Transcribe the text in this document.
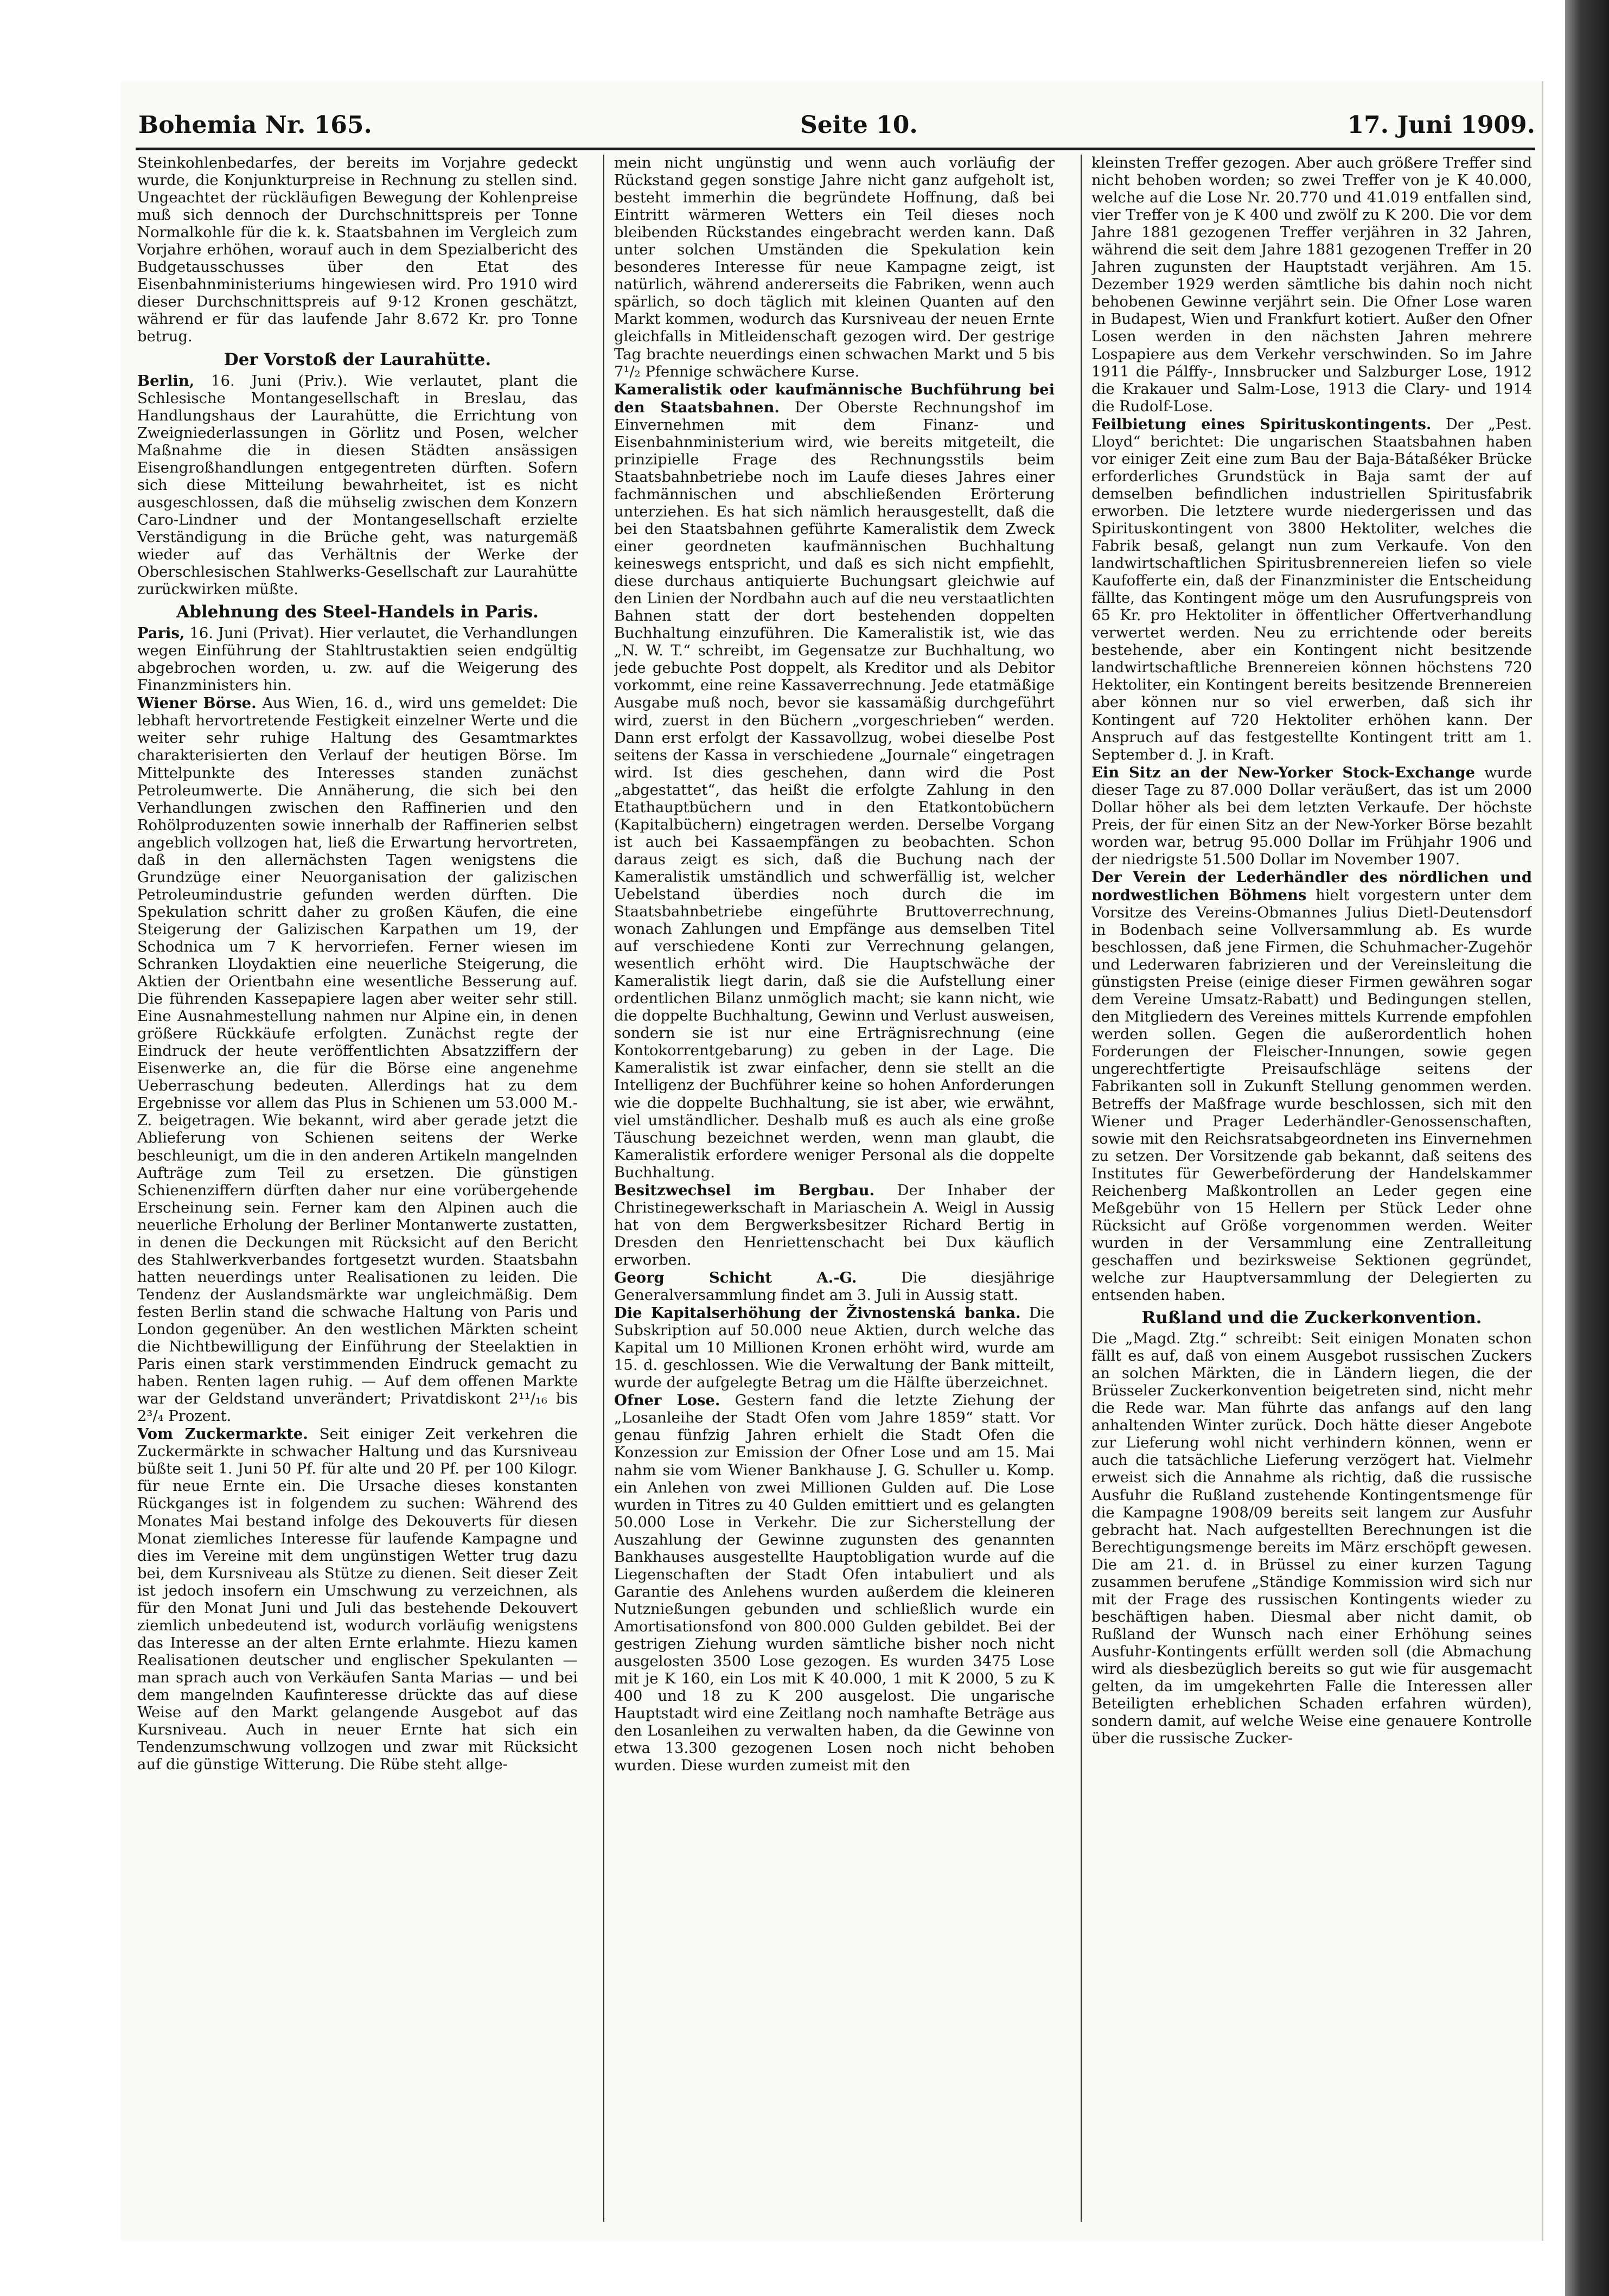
Bohemia Nr. 165.	Seite 10.	17. Juni 1909.

Steinkohlenbedarfes, der bereits im Vorjahre gedeckt wurde, die Konjunkturpreise in Rechnung zu stellen sind. Ungeachtet der rückläufigen Bewegung der Kohlenpreise muß sich dennoch der Durchschnittspreis per Tonne Normalkohle für die k. k. Staatsbahnen im Vergleich zum Vorjahre erhöhen, worauf auch in dem Spezialbericht des Budgetausschusses über den Etat des Eisenbahnministeriums hingewiesen wird. Pro 1910 wird dieser Durchschnittspreis auf 9·12 Kronen geschätzt, während er für das laufende Jahr 8.672 Kr. pro Tonne betrug.

Der Vorstoß der Laurahütte.

Berlin, 16. Juni (Priv.). Wie verlautet, plant die Schlesische Montangesellschaft in Breslau, das Handlungshaus der Laurahütte, die Errichtung von Zweigniederlassungen in Görlitz und Posen, welcher Maßnahme die in diesen Städten ansässigen Eisengroßhandlungen entgegentreten dürften. Sofern sich diese Mitteilung bewahrheitet, ist es nicht ausgeschlossen, daß die mühselig zwischen dem Konzern Caro-Lindner und der Montangesellschaft erzielte Verständigung in die Brüche geht, was naturgemäß wieder auf das Verhältnis der Werke der Oberschlesischen Stahlwerks-Gesellschaft zur Laurahütte zurückwirken müßte.

Ablehnung des Steel-Handels in Paris.

Paris, 16. Juni (Privat). Hier verlautet, die Verhandlungen wegen Einführung der Stahltrustaktien seien endgültig abgebrochen worden, u. zw. auf die Weigerung des Finanzministers hin.

Wiener Börse. Aus Wien, 16. d., wird uns gemeldet: Die lebhaft hervortretende Festigkeit einzelner Werte und die weiter sehr ruhige Haltung des Gesamtmarktes charakterisierten den Verlauf der heutigen Börse. Im Mittelpunkte des Interesses standen zunächst Petroleumwerte. Die Annäherung, die sich bei den Verhandlungen zwischen den Raffinerien und den Rohölproduzenten sowie innerhalb der Raffinerien selbst angeblich vollzogen hat, ließ die Erwartung hervortreten, daß in den allernächsten Tagen wenigstens die Grundzüge einer Neuorganisation der galizischen Petroleumindustrie gefunden werden dürften. Die Spekulation schritt daher zu großen Käufen, die eine Steigerung der Galizischen Karpathen um 19, der Schodnica um 7 K hervorriefen. Ferner wiesen im Schranken Lloydaktien eine neuerliche Steigerung, die Aktien der Orientbahn eine wesentliche Besserung auf. Die führenden Kassepapiere lagen aber weiter sehr still. Eine Ausnahmestellung nahmen nur Alpine ein, in denen größere Rückkäufe erfolgten. Zunächst regte der Eindruck der heute veröffentlichten Absatzziffern der Eisenwerke an, die für die Börse eine angenehme Ueberraschung bedeuten. Allerdings hat zu dem Ergebnisse vor allem das Plus in Schienen um 53.000 M.-Z. beigetragen. Wie bekannt, wird aber gerade jetzt die Ablieferung von Schienen seitens der Werke beschleunigt, um die in den anderen Artikeln mangelnden Aufträge zum Teil zu ersetzen. Die günstigen Schienenziffern dürften daher nur eine vorübergehende Erscheinung sein. Ferner kam den Alpinen auch die neuerliche Erholung der Berliner Montanwerte zustatten, in denen die Deckungen mit Rücksicht auf den Bericht des Stahlwerkverbandes fortgesetzt wurden. Staatsbahn hatten neuerdings unter Realisationen zu leiden. Die Tendenz der Auslandsmärkte war ungleichmäßig. Dem festen Berlin stand die schwache Haltung von Paris und London gegenüber. An den westlichen Märkten scheint die Nichtbewilligung der Einführung der Steelaktien in Paris einen stark verstimmenden Eindruck gemacht zu haben. Renten lagen ruhig. — Auf dem offenen Markte war der Geldstand unverändert; Privatdiskont 2¹¹/₁₆ bis 2³/₄ Prozent.

Vom Zuckermarkte. Seit einiger Zeit verkehren die Zuckermärkte in schwacher Haltung und das Kursniveau büßte seit 1. Juni 50 Pf. für alte und 20 Pf. per 100 Kilogr. für neue Ernte ein. Die Ursache dieses konstanten Rückganges ist in folgendem zu suchen: Während des Monates Mai bestand infolge des Dekouverts für diesen Monat ziemliches Interesse für laufende Kampagne und dies im Vereine mit dem ungünstigen Wetter trug dazu bei, dem Kursniveau als Stütze zu dienen. Seit dieser Zeit ist jedoch insofern ein Umschwung zu verzeichnen, als für den Monat Juni und Juli das bestehende Dekouvert ziemlich unbedeutend ist, wodurch vorläufig wenigstens das Interesse an der alten Ernte erlahmte. Hiezu kamen Realisationen deutscher und englischer Spekulanten — man sprach auch von Verkäufen Santa Marias — und bei dem mangelnden Kaufinteresse drückte das auf diese Weise auf den Markt gelangende Ausgebot auf das Kursniveau. Auch in neuer Ernte hat sich ein Tendenzumschwung vollzogen und zwar mit Rücksicht auf die günstige Witterung. Die Rübe steht allge-

mein nicht ungünstig und wenn auch vorläufig der Rückstand gegen sonstige Jahre nicht ganz aufgeholt ist, besteht immerhin die begründete Hoffnung, daß bei Eintritt wärmeren Wetters ein Teil dieses noch bleibenden Rückstandes eingebracht werden kann. Daß unter solchen Umständen die Spekulation kein besonderes Interesse für neue Kampagne zeigt, ist natürlich, während andererseits die Fabriken, wenn auch spärlich, so doch täglich mit kleinen Quanten auf den Markt kommen, wodurch das Kursniveau der neuen Ernte gleichfalls in Mitleidenschaft gezogen wird. Der gestrige Tag brachte neuerdings einen schwachen Markt und 5 bis 7¹/₂ Pfennige schwächere Kurse.

Kameralistik oder kaufmännische Buchführung bei den Staatsbahnen. Der Oberste Rechnungshof im Einvernehmen mit dem Finanz- und Eisenbahnministerium wird, wie bereits mitgeteilt, die prinzipielle Frage des Rechnungsstils beim Staatsbahnbetriebe noch im Laufe dieses Jahres einer fachmännischen und abschließenden Erörterung unterziehen. Es hat sich nämlich herausgestellt, daß die bei den Staatsbahnen geführte Kameralistik dem Zweck einer geordneten kaufmännischen Buchhaltung keineswegs entspricht, und daß es sich nicht empfiehlt, diese durchaus antiquierte Buchungsart gleichwie auf den Linien der Nordbahn auch auf die neu verstaatlichten Bahnen statt der dort bestehenden doppelten Buchhaltung einzuführen. Die Kameralistik ist, wie das „N. W. T.“ schreibt, im Gegensatze zur Buchhaltung, wo jede gebuchte Post doppelt, als Kreditor und als Debitor vorkommt, eine reine Kassaverrechnung. Jede etatmäßige Ausgabe muß noch, bevor sie kassamäßig durchgeführt wird, zuerst in den Büchern „vorgeschrieben“ werden. Dann erst erfolgt der Kassavollzug, wobei dieselbe Post seitens der Kassa in verschiedene „Journale“ eingetragen wird. Ist dies geschehen, dann wird die Post „abgestattet“, das heißt die erfolgte Zahlung in den Etathauptbüchern und in den Etatkontobüchern (Kapitalbüchern) eingetragen werden. Derselbe Vorgang ist auch bei Kassaempfängen zu beobachten. Schon daraus zeigt es sich, daß die Buchung nach der Kameralistik umständlich und schwerfällig ist, welcher Uebelstand überdies noch durch die im Staatsbahnbetriebe eingeführte Bruttoverrechnung, wonach Zahlungen und Empfänge aus demselben Titel auf verschiedene Konti zur Verrechnung gelangen, wesentlich erhöht wird. Die Hauptschwäche der Kameralistik liegt darin, daß sie die Aufstellung einer ordentlichen Bilanz unmöglich macht; sie kann nicht, wie die doppelte Buchhaltung, Gewinn und Verlust ausweisen, sondern sie ist nur eine Erträgnisrechnung (eine Kontokorrentgebarung) zu geben in der Lage. Die Kameralistik ist zwar einfacher, denn sie stellt an die Intelligenz der Buchführer keine so hohen Anforderungen wie die doppelte Buchhaltung, sie ist aber, wie erwähnt, viel umständlicher. Deshalb muß es auch als eine große Täuschung bezeichnet werden, wenn man glaubt, die Kameralistik erfordere weniger Personal als die doppelte Buchhaltung.

Besitzwechsel im Bergbau. Der Inhaber der Christinegewerkschaft in Mariaschein A. Weigl in Aussig hat von dem Bergwerksbesitzer Richard Bertig in Dresden den Henriettenschacht bei Dux käuflich erworben.

Georg Schicht A.-G.	Die diesjährige Generalversammlung findet am 3. Juli in Aussig statt.

Die Kapitalserhöhung der Živnostenská banka. Die Subskription auf 50.000 neue Aktien, durch welche das Kapital um 10 Millionen Kronen erhöht wird, wurde am 15. d. geschlossen. Wie die Verwaltung der Bank mitteilt, wurde der aufgelegte Betrag um die Hälfte überzeichnet.

Ofner Lose. Gestern fand die letzte Ziehung der „Losanleihe der Stadt Ofen vom Jahre 1859“ statt. Vor genau fünfzig Jahren erhielt die Stadt Ofen die Konzession zur Emission der Ofner Lose und am 15. Mai nahm sie vom Wiener Bankhause J. G. Schuller u. Komp. ein Anlehen von zwei Millionen Gulden auf. Die Lose wurden in Titres zu 40 Gulden emittiert und es gelangten 50.000 Lose in Verkehr. Die zur Sicherstellung der Auszahlung der Gewinne zugunsten des genannten Bankhauses ausgestellte Hauptobligation wurde auf die Liegenschaften der Stadt Ofen intabuliert und als Garantie des Anlehens wurden außerdem die kleineren Nutznießungen gebunden und schließlich wurde ein Amortisationsfond von 800.000 Gulden gebildet. Bei der gestrigen Ziehung wurden sämtliche bisher noch nicht ausgelosten 3500 Lose gezogen. Es wurden 3475 Lose mit je K 160, ein Los mit K 40.000, 1 mit K 2000, 5 zu K 400 und 18 zu K 200 ausgelost. Die ungarische Hauptstadt wird eine Zeitlang noch namhafte Beträge aus den Losanleihen zu verwalten haben, da die Gewinne von etwa 13.300 gezogenen Losen noch nicht behoben wurden. Diese wurden zumeist mit den

kleinsten Treffer gezogen. Aber auch größere Treffer sind nicht behoben worden; so zwei Treffer von je K 40.000, welche auf die Lose Nr. 20.770 und 41.019 entfallen sind, vier Treffer von je K 400 und zwölf zu K 200. Die vor dem Jahre 1881 gezogenen Treffer verjähren in 32 Jahren, während die seit dem Jahre 1881 gezogenen Treffer in 20 Jahren zugunsten der Hauptstadt verjähren. Am 15. Dezember 1929 werden sämtliche bis dahin noch nicht behobenen Gewinne verjährt sein. Die Ofner Lose waren in Budapest, Wien und Frankfurt kotiert. Außer den Ofner Losen werden in den nächsten Jahren mehrere Lospapiere aus dem Verkehr verschwinden. So im Jahre 1911 die Pálffy-, Innsbrucker und Salzburger Lose, 1912 die Krakauer und Salm-Lose, 1913 die Clary- und 1914 die Rudolf-Lose.

Feilbietung eines Spirituskontingents. Der „Pest. Lloyd“ berichtet: Die ungarischen Staatsbahnen haben vor einiger Zeit eine zum Bau der Baja-Bátaßéker Brücke erforderliches Grundstück in Baja samt der auf demselben befindlichen industriellen Spiritusfabrik erworben. Die letztere wurde niedergerissen und das Spirituskontingent von 3800 Hektoliter, welches die Fabrik besaß, gelangt nun zum Verkaufe. Von den landwirtschaftlichen Spiritusbrennereien liefen so viele Kaufofferte ein, daß der Finanzminister die Entscheidung fällte, das Kontingent möge um den Ausrufungspreis von 65 Kr. pro Hektoliter in öffentlicher Offertverhandlung verwertet werden. Neu zu errichtende oder bereits bestehende, aber ein Kontingent nicht besitzende landwirtschaftliche Brennereien können höchstens 720 Hektoliter, ein Kontingent bereits besitzende Brennereien aber können nur so viel erwerben, daß sich ihr Kontingent auf 720 Hektoliter erhöhen kann. Der Anspruch auf das festgestellte Kontingent tritt am 1. September d. J. in Kraft.

Ein Sitz an der New-Yorker Stock-Exchange wurde dieser Tage zu 87.000 Dollar veräußert, das ist um 2000 Dollar höher als bei dem letzten Verkaufe. Der höchste Preis, der für einen Sitz an der New-Yorker Börse bezahlt worden war, betrug 95.000 Dollar im Frühjahr 1906 und der niedrigste 51.500 Dollar im November 1907.

Der Verein der Lederhändler des nördlichen und nordwestlichen Böhmens hielt vorgestern unter dem Vorsitze des Vereins-Obmannes Julius Dietl-Deutensdorf in Bodenbach seine Vollversammlung ab. Es wurde beschlossen, daß jene Firmen, die Schuhmacher-Zugehör und Lederwaren fabrizieren und der Vereinsleitung die günstigsten Preise (einige dieser Firmen gewähren sogar dem Vereine Umsatz-Rabatt) und Bedingungen stellen, den Mitgliedern des Vereines mittels Kurrende empfohlen werden sollen. Gegen die außerordentlich hohen Forderungen der Fleischer-Innungen, sowie gegen ungerechtfertigte Preisaufschläge seitens der Fabrikanten soll in Zukunft Stellung genommen werden. Betreffs der Maßfrage wurde beschlossen, sich mit den Wiener und Prager Lederhändler-Genossenschaften, sowie mit den Reichsratsabgeordneten ins Einvernehmen zu setzen. Der Vorsitzende gab bekannt, daß seitens des Institutes für Gewerbeförderung der Handelskammer Reichenberg Maßkontrollen an Leder gegen eine Meßgebühr von 15 Hellern per Stück Leder ohne Rücksicht auf Größe vorgenommen werden. Weiter wurden in der Versammlung eine Zentralleitung geschaffen und bezirksweise Sektionen gegründet, welche zur Hauptversammlung der Delegierten zu entsenden haben.

Rußland und die Zuckerkonvention.

Die „Magd. Ztg.“ schreibt: Seit einigen Monaten schon fällt es auf, daß von einem Ausgebot russischen Zuckers an solchen Märkten, die in Ländern liegen, die der Brüsseler Zuckerkonvention beigetreten sind, nicht mehr die Rede war. Man führte das anfangs auf den lang anhaltenden Winter zurück. Doch hätte dieser Angebote zur Lieferung wohl nicht verhindern können, wenn er auch die tatsächliche Lieferung verzögert hat. Vielmehr erweist sich die Annahme als richtig, daß die russische Ausfuhr die Rußland zustehende Kontingentsmenge für die Kampagne 1908/09 bereits seit langem zur Ausfuhr gebracht hat. Nach aufgestellten Berechnungen ist die Berechtigungsmenge bereits im März erschöpft gewesen. Die am 21. d. in Brüssel zu einer kurzen Tagung zusammen berufene „Ständige Kommission wird sich nur mit der Frage des russischen Kontingents wieder zu beschäftigen haben. Diesmal aber nicht damit, ob Rußland der Wunsch nach einer Erhöhung seines Ausfuhr-Kontingents erfüllt werden soll (die Abmachung wird als diesbezüglich bereits so gut wie für ausgemacht gelten, da im umgekehrten Falle die Interessen aller Beteiligten erheblichen Schaden erfahren würden), sondern damit, auf welche Weise eine genauere Kontrolle über die russische Zucker-
